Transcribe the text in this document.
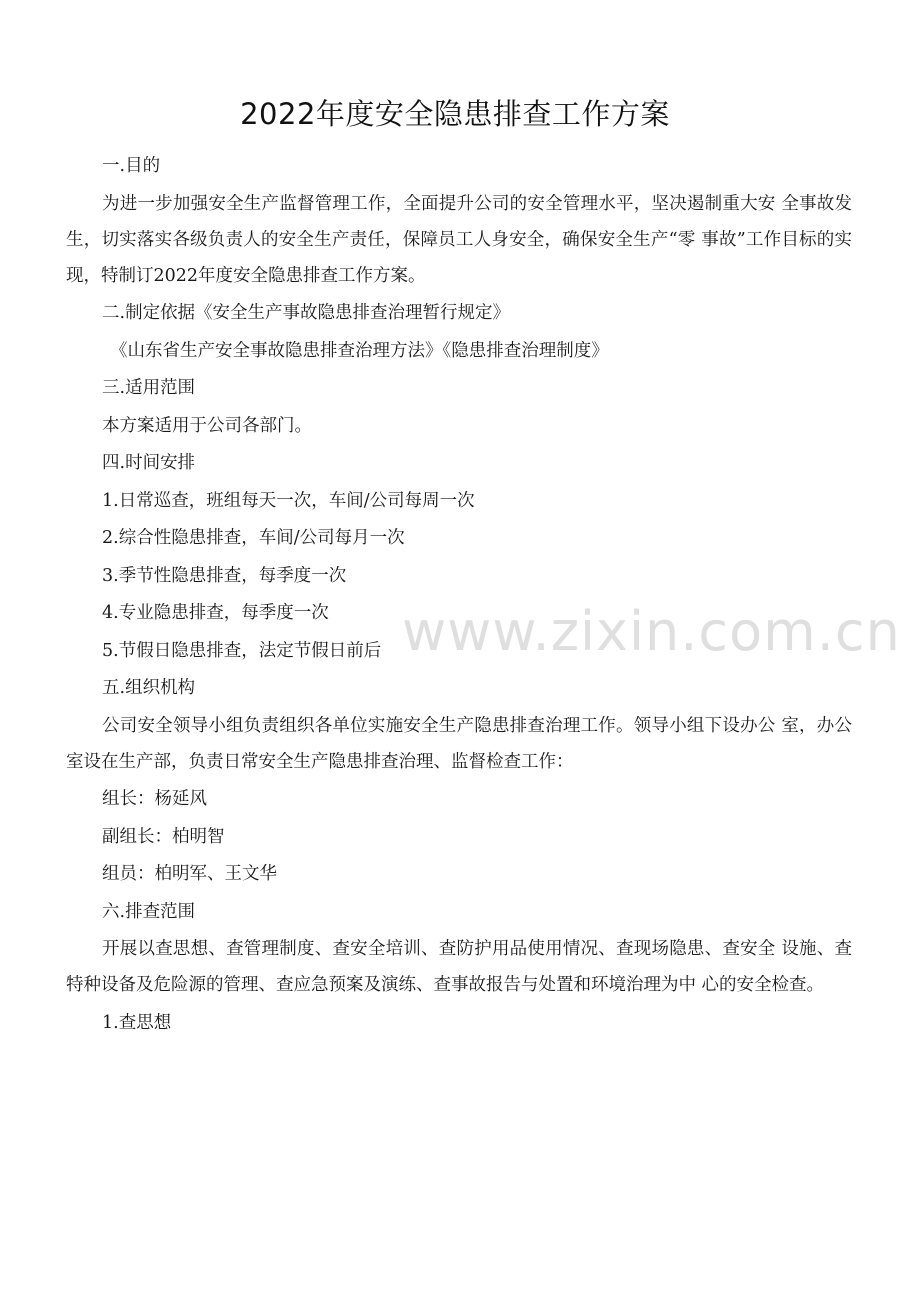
2022年度安全隐患排查工作方案

一.目的

为进一步加强安全生产监督管理工作，全面提升公司的安全管理水平，坚决遏制重大安 全事故发生，切实落实各级负责人的安全生产责任，保障员工人身安全，确保安全生产“零 事故”工作目标的实现，特制订2022年度安全隐患排查工作方案。

二.制定依据《安全生产事故隐患排查治理暂行规定》

《山东省生产安全事故隐患排查治理方法》《隐患排查治理制度》

三.适用范围

本方案适用于公司各部门。

四.时间安排

1.日常巡查，班组每天一次，车间/公司每周一次

2.综合性隐患排查，车间/公司每月一次

3.季节性隐患排查，每季度一次

4.专业隐患排查，每季度一次

5.节假日隐患排查，法定节假日前后

五.组织机构

公司安全领导小组负责组织各单位实施安全生产隐患排查治理工作。领导小组下设办公 室，办公室设在生产部，负责日常安全生产隐患排查治理、监督检查工作：

组长：杨延风

副组长：柏明智

组员：柏明军、王文华

六.排查范围

开展以查思想、查管理制度、查安全培训、查防护用品使用情况、查现场隐患、查安全 设施、查特种设备及危险源的管理、查应急预案及演练、查事故报告与处置和环境治理为中 心的安全检查。

1.查思想

www.zixin.com.cn
